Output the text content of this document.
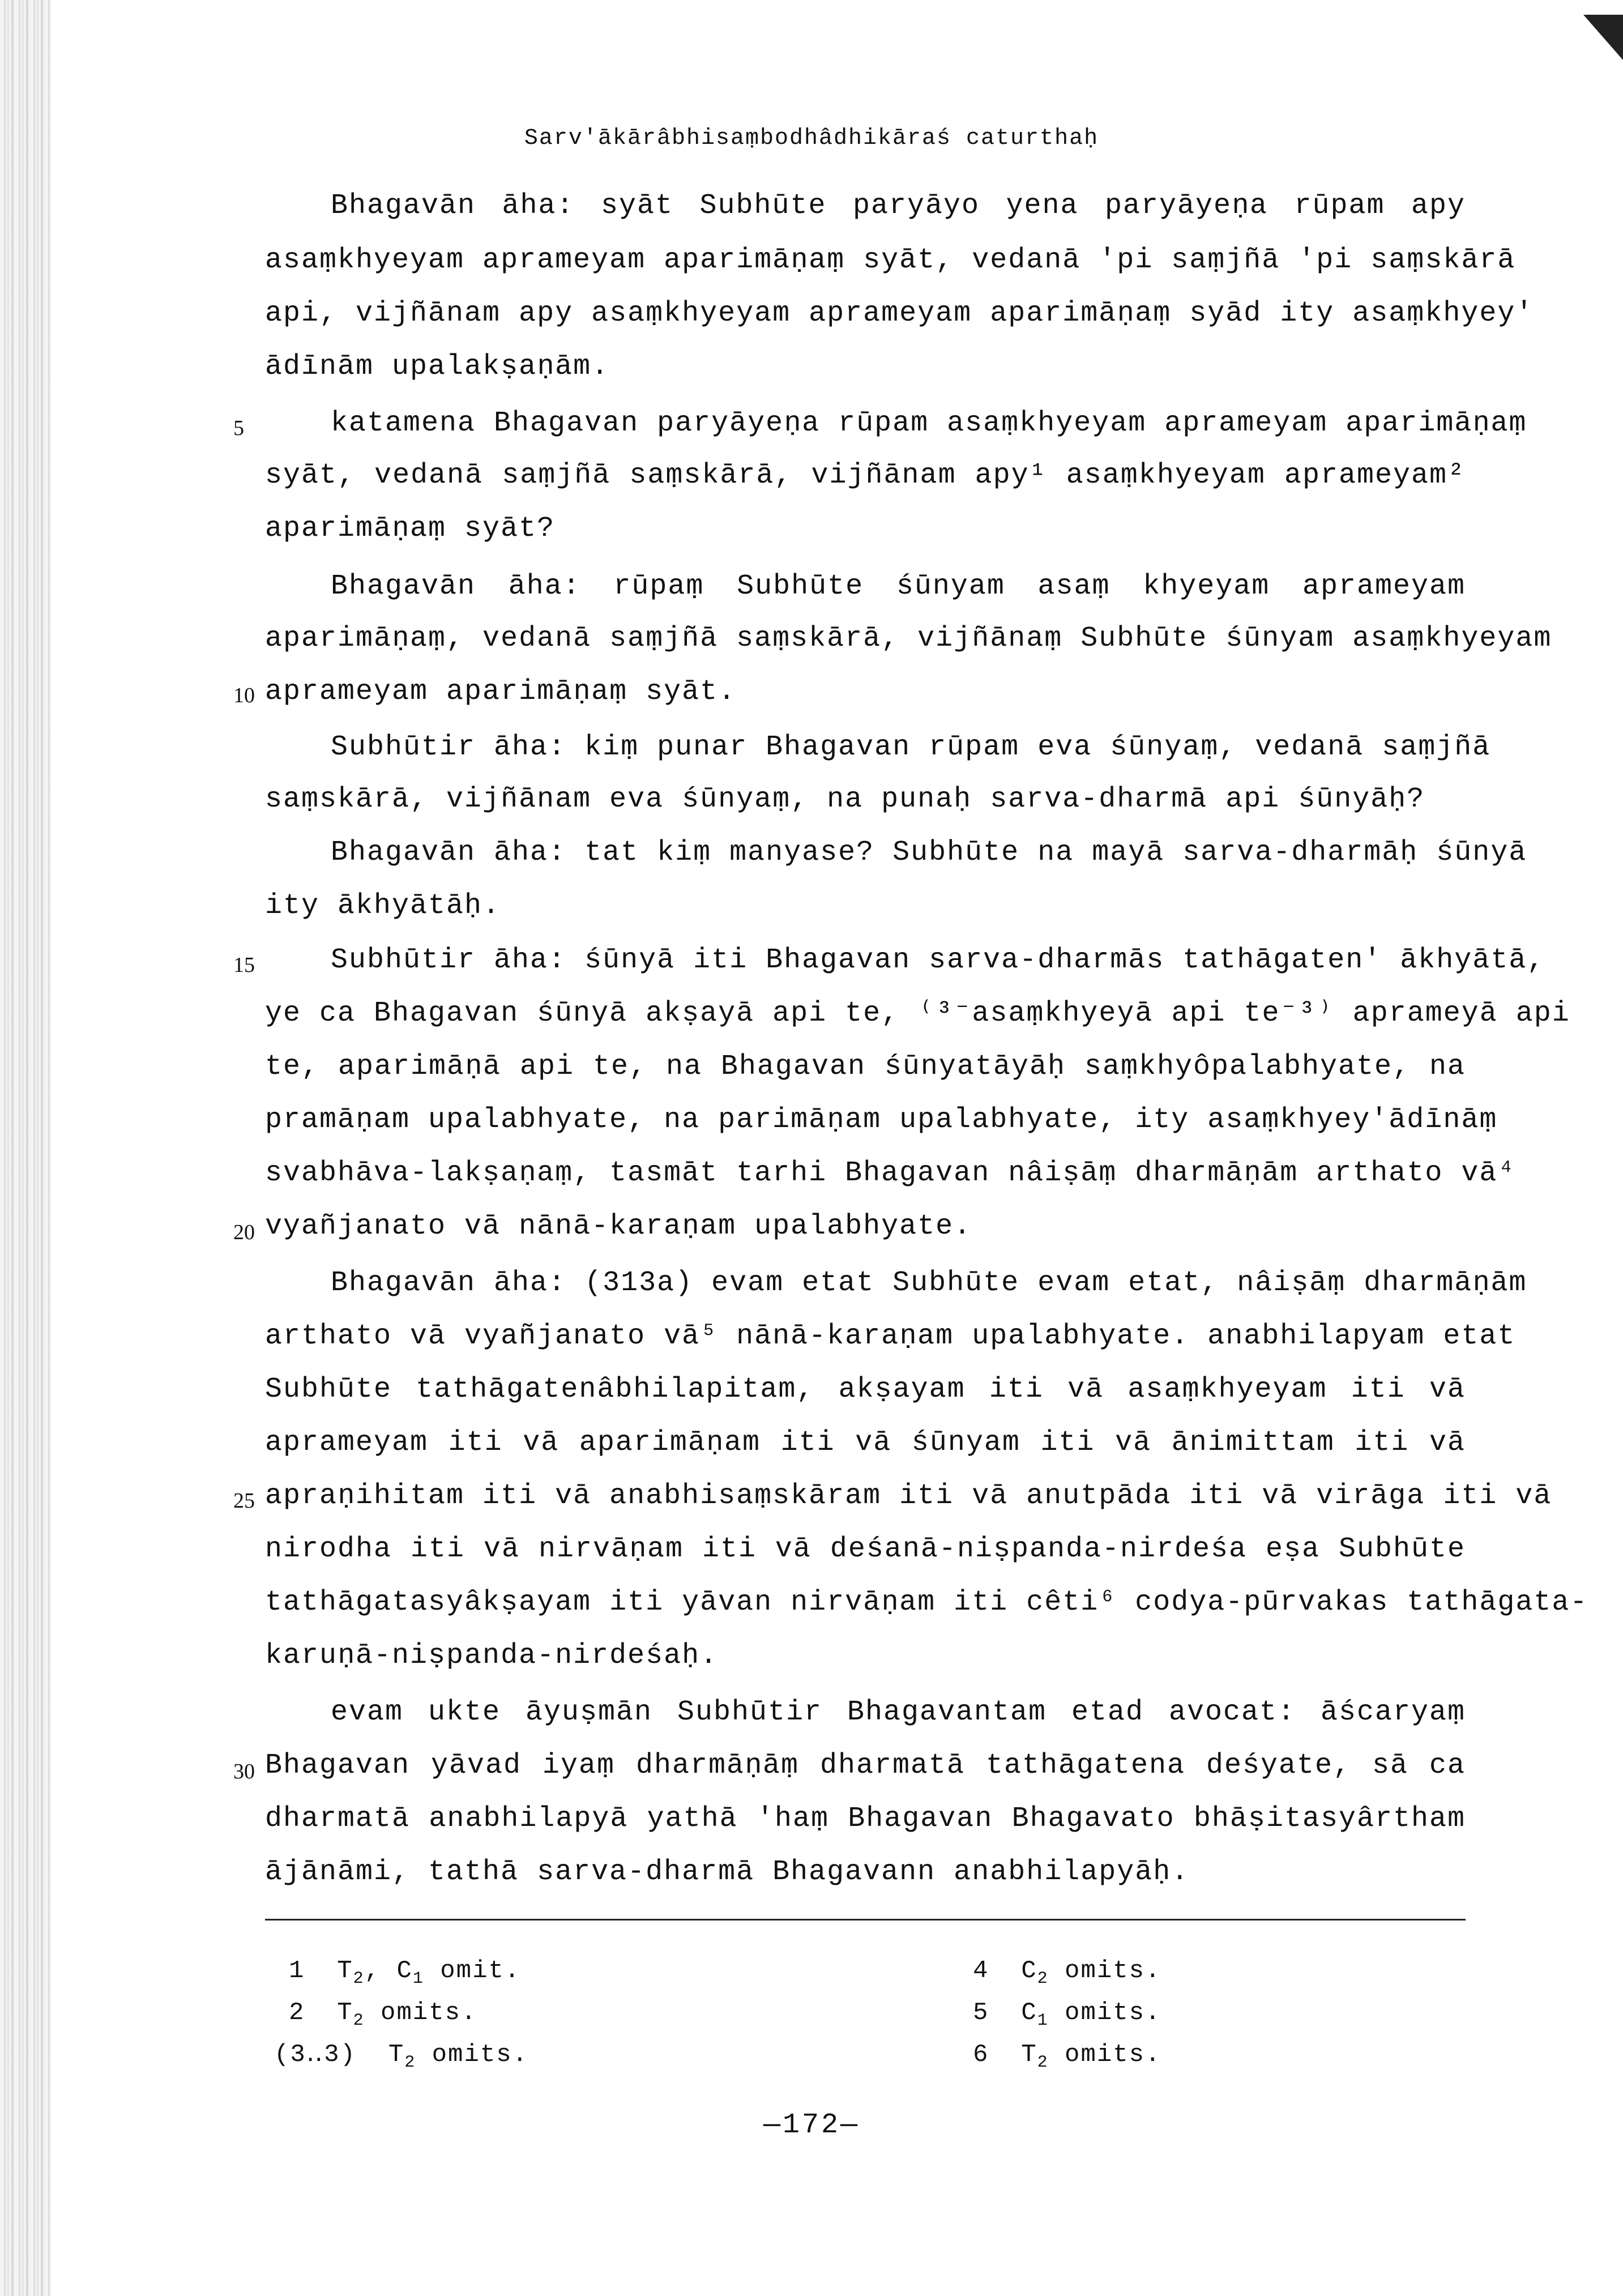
Sarv'ākārâbhisaṃbodhâdhikāraś caturthaḥ
Bhagavān āha: syāt Subhūte paryāyo yena paryāyeṇa rūpam apy
asaṃkhyeyam aprameyam aparimāṇaṃ syāt, vedanā 'pi saṃjñā 'pi saṃskārā
api, vijñānam apy asaṃkhyeyam aprameyam aparimāṇaṃ syād ity asaṃkhyey'
ādīnām upalakṣaṇām.
5	katamena Bhagavan paryāyeṇa rūpam asaṃkhyeyam aprameyam aparimāṇaṃ
syāt, vedanā saṃjñā saṃskārā, vijñānam apy¹ asaṃkhyeyam aprameyam²
aparimāṇaṃ syāt?
Bhagavān āha: rūpaṃ Subhūte śūnyam asaṃ khyeyam aprameyam
aparimāṇaṃ, vedanā saṃjñā saṃskārā, vijñānaṃ Subhūte śūnyam asaṃkhyeyam
10 aprameyam aparimāṇaṃ syāt.
Subhūtir āha: kiṃ punar Bhagavan rūpam eva śūnyaṃ, vedanā saṃjñā
saṃskārā, vijñānam eva śūnyaṃ, na punaḥ sarva-dharmā api śūnyāḥ?
Bhagavān āha: tat kiṃ manyase? Subhūte na mayā sarva-dharmāḥ śūnyā
ity ākhyātāḥ.
15	Subhūtir āha: śūnyā iti Bhagavan sarva-dharmās tathāgaten' ākhyātā,
ye ca Bhagavan śūnyā akṣayā api te, ⁽³⁻asaṃkhyeyā api te⁻³⁾ aprameyā api
te, aparimāṇā api te, na Bhagavan śūnyatāyāḥ saṃkhyôpalabhyate, na
pramāṇam upalabhyate, na parimāṇam upalabhyate, ity asaṃkhyey'ādīnāṃ
svabhāva-lakṣaṇaṃ, tasmāt tarhi Bhagavan nâiṣāṃ dharmāṇām arthato vā⁴
20 vyañjanato vā nānā-karaṇam upalabhyate.
Bhagavān āha: (313a) evam etat Subhūte evam etat, nâiṣāṃ dharmāṇām
arthato vā vyañjanato vā⁵ nānā-karaṇam upalabhyate. anabhilapyam etat
Subhūte tathāgatenâbhilapitam, akṣayam iti vā asaṃkhyeyam iti vā
aprameyam iti vā aparimāṇam iti vā śūnyam iti vā ānimittam iti vā
25 apraṇihitam iti vā anabhisaṃskāram iti vā anutpāda iti vā virāga iti vā
nirodha iti vā nirvāṇam iti vā deśanā-niṣpanda-nirdeśa eṣa Subhūte
tathāgatasyâkṣayam iti yāvan nirvāṇam iti cêti⁶ codya-pūrvakas tathāgata-
karuṇā-niṣpanda-nirdeśaḥ.
evam ukte āyuṣmān Subhūtir Bhagavantam etad avocat: āścaryaṃ
30 Bhagavan yāvad iyaṃ dharmāṇāṃ dharmatā tathāgatena deśyate, sā ca
dharmatā anabhilapyā yathā 'haṃ Bhagavan Bhagavato bhāṣitasyârtham
ājānāmi, tathā sarva-dharmā Bhagavann anabhilapyāḥ.
1 $T_2$, $C_1$ omit.
2 $T_2$ omits.
(3‥3) $T_2$ omits.
4 $C_2$ omits.
5 $C_1$ omits.
6 $T_2$ omits.
—172—
